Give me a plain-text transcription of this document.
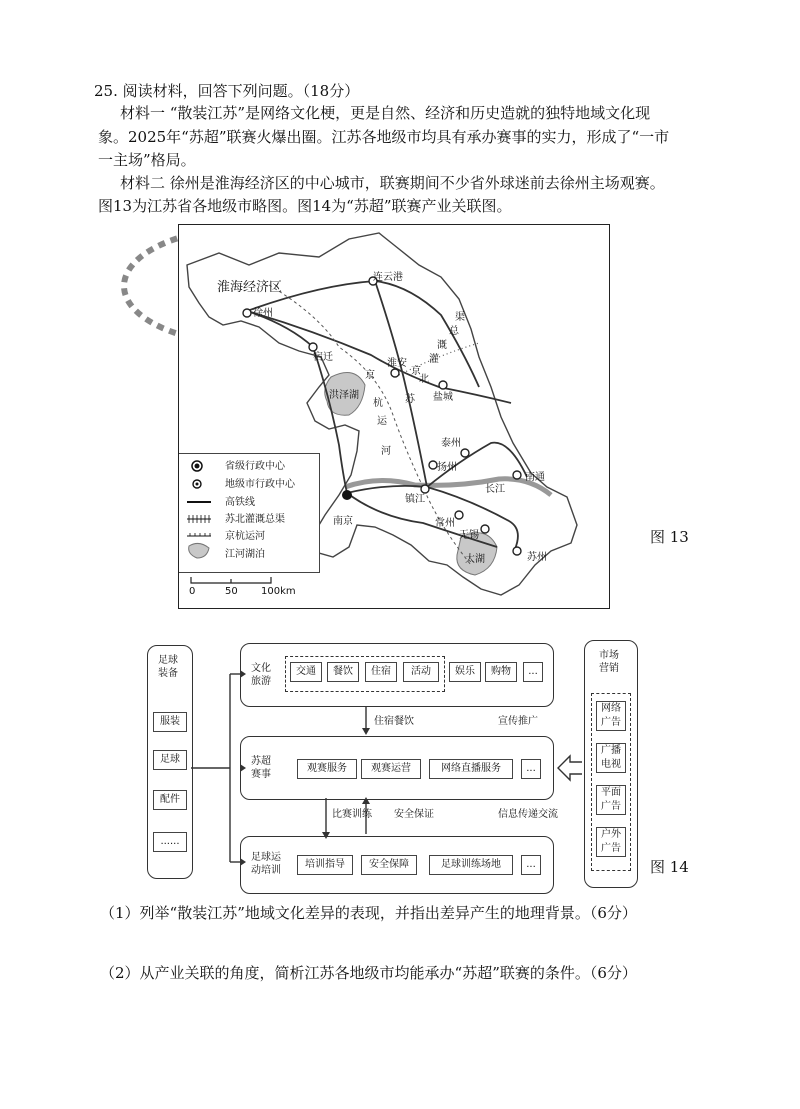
25. 阅读材料，回答下列问题。（18分）
材料一 “散装江苏”是网络文化梗，更是自然、经济和历史造就的独特地域文化现
象。2025年“苏超”联赛火爆出圈。江苏各地级市均具有承办赛事的实力，形成了“一市
一主场”格局。
材料二 徐州是淮海经济区的中心城市，联赛期间不少省外球迷前去徐州主场观赛。
图13为江苏省各地级市略图。图14为“苏超”联赛产业关联图。
淮海经济区
连云港
徐州
宿迁
淮安
盐城
泰州
扬州
南通
镇江
南京	常州
无锡
苏州
洪泽湖
太湖
长江
京
杭
运
河
京
北
苏
渠
总
溉
灌
省级行政中心
地级市行政中心
高铁线
苏北灌溉总渠
京杭运河
江河湖泊
0	50 100km
图 13
足球
装备
服装
足球
配件
......
文化
旅游
交通	餐饮	住宿	活动	娱乐	购物	...
苏超
赛事
观赛服务	观赛运营	网络直播服务	...
足球运
动培训
培训指导	安全保障	足球训练场地	...
市场
营销
网络
广告
广播
电视
平面
广告
户外
广告
住宿餐饮	宣传推广
比赛训练 安全保证	信息传递交流
图 14
（1）列举“散装江苏”地域文化差异的表现，并指出差异产生的地理背景。（6分）
（2）从产业关联的角度，简析江苏各地级市均能承办“苏超”联赛的条件。（6分）
